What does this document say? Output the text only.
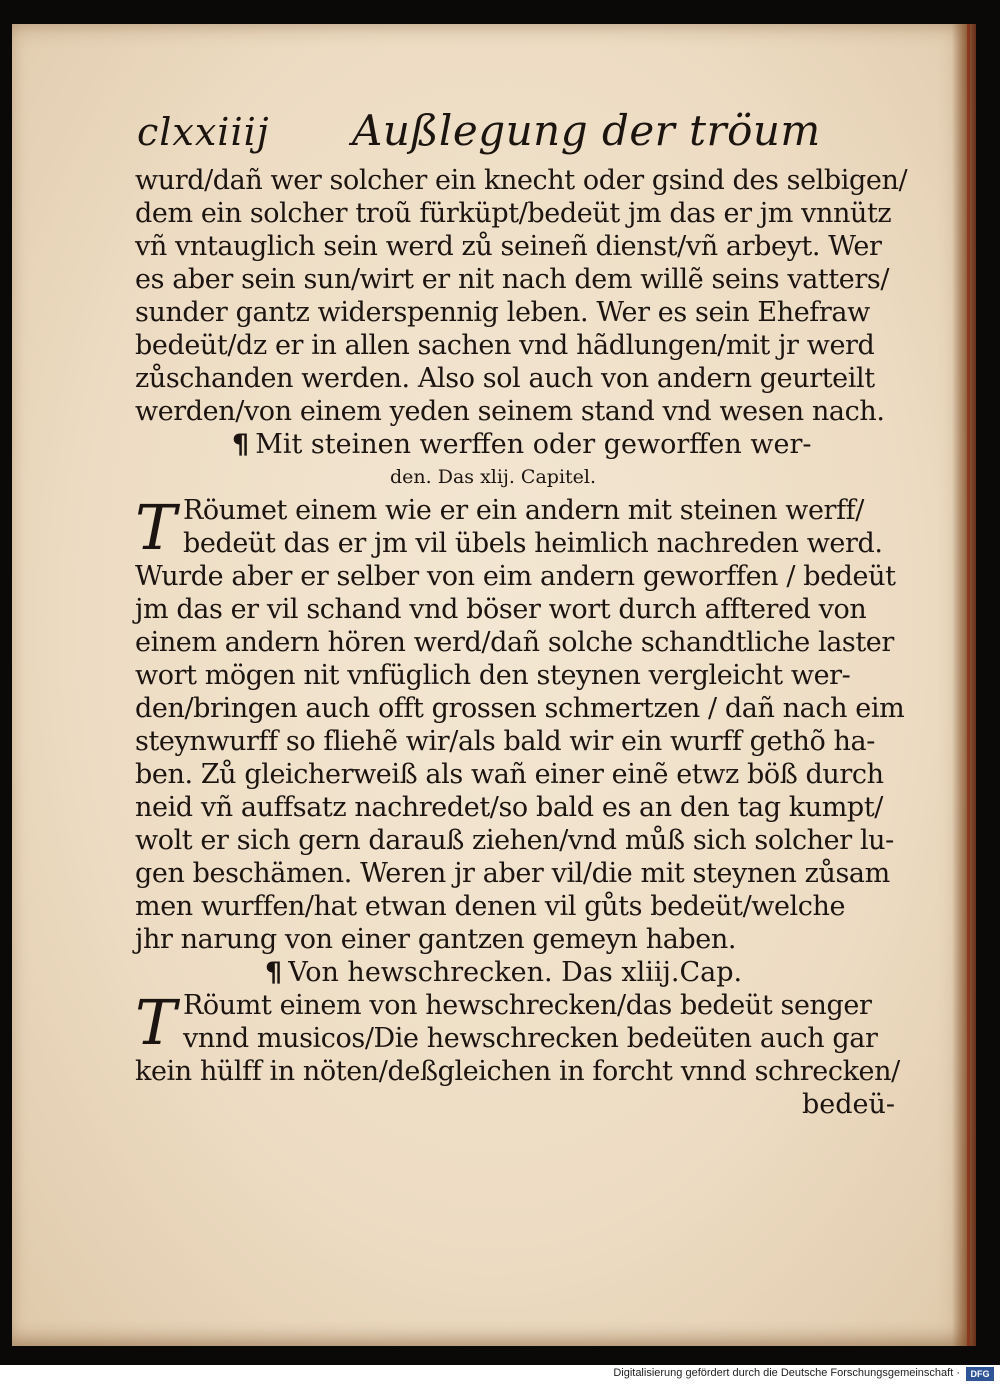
clxxiiij Außlegung der tröum
wurd/dañ wer solcher ein knecht oder gsind des selbigen/
dem ein solcher troũ fürküpt/bedeüt jm das er jm vnnütz
vñ vntauglich sein werd zů seineñ dienst/vñ arbeyt. Wer
es aber sein sun/wirt er nit nach dem willẽ seins vatters/
sunder gantz widerspennig leben. Wer es sein Ehefraw
bedeüt/dz er in allen sachen vnd hãdlungen/mit jr werd
zůschanden werden. Also sol auch von andern geurteilt
werden/von einem yeden seinem stand vnd wesen nach.
¶ Mit steinen werffen oder geworffen wer-
den. Das xlij. Capitel.
T Röumet einem wie er ein andern mit steinen werff/
bedeüt das er jm vil übels heimlich nachreden werd.
Wurde aber er selber von eim andern geworffen / bedeüt
jm das er vil schand vnd böser wort durch afftered von
einem andern hören werd/dañ solche schandtliche laster
wort mögen nit vnfüglich den steynen vergleicht wer-
den/bringen auch offt grossen schmertzen / dañ nach eim
steynwurff so fliehẽ wir/als bald wir ein wurff gethõ ha-
ben. Zů gleicherweiß als wañ einer einẽ etwz böß durch
neid vñ auffsatz nachredet/so bald es an den tag kumpt/
wolt er sich gern darauß ziehen/vnd můß sich solcher lu-
gen beschämen. Weren jr aber vil/die mit steynen zůsam
men wurffen/hat etwan denen vil gůts bedeüt/welche
jhr narung von einer gantzen gemeyn haben.
¶ Von hewschrecken. Das xliij.Cap.
T Röumt einem von hewschrecken/das bedeüt senger
vnnd musicos/Die hewschrecken bedeüten auch gar
kein hülff in nöten/deßgleichen in forcht vnnd schrecken/
bedeü-
Digitalisierung gefördert durch die Deutsche Forschungsgemeinschaft ·	DFG
